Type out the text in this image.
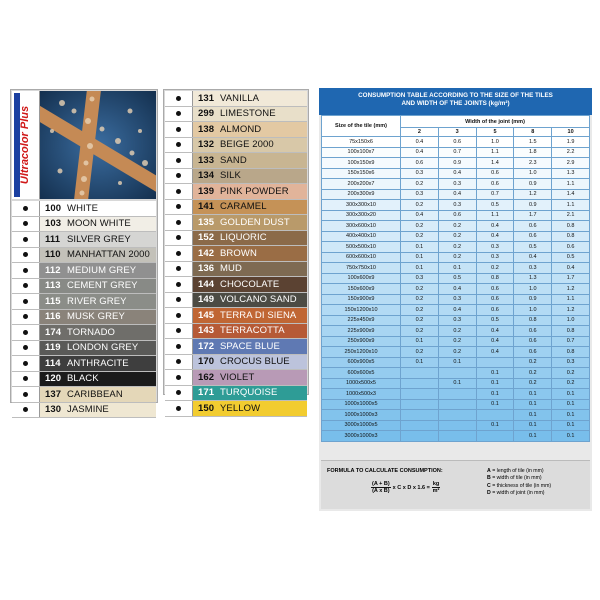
Ultracolor Plus
100 WHITE
103 MOON WHITE
111 SILVER GREY
110 MANHATTAN 2000
112 MEDIUM GREY
113 CEMENT GREY
115 RIVER GREY
116 MUSK GREY
174 TORNADO
119 LONDON GREY
114 ANTHRACITE
120 BLACK
137 CARIBBEAN
130 JASMINE
131 VANILLA
299 LIMESTONE
138 ALMOND
132 BEIGE 2000
133 SAND
134 SILK
139 PINK POWDER
141 CARAMEL
135 GOLDEN DUST
152 LIQUORIC
142 BROWN
136 MUD
144 CHOCOLATE
149 VOLCANO SAND
145 TERRA DI SIENA
143 TERRACOTTA
172 SPACE BLUE
170 CROCUS BLUE
162 VIOLET
171 TURQUOISE
150 YELLOW
CONSUMPTION TABLE ACCORDING TO THE SIZE OF THE TILES
AND WIDTH OF THE JOINTS (kg/m²)
Size of the tile (mm)	Width of the joint (mm)				
	2	3	5	8	10
75x150x6	0.4	0.6	1.0	1.5	1.9
100x100x7	0.4	0.7	1.1	1.8	2.2
100x150x9	0.6	0.9	1.4	2.3	2.9
150x150x6	0.3	0.4	0.6	1.0	1.3
200x200x7	0.2	0.3	0.6	0.9	1.1
200x300x9	0.3	0.4	0.7	1.2	1.4
300x300x10	0.2	0.3	0.5	0.9	1.1
300x300x20	0.4	0.6	1.1	1.7	2.1
300x600x10	0.2	0.2	0.4	0.6	0.8
400x400x10	0.2	0.2	0.4	0.6	0.8
500x500x10	0.1	0.2	0.3	0.5	0.6
600x600x10	0.1	0.2	0.3	0.4	0.5
750x750x10	0.1	0.1	0.2	0.3	0.4
100x600x9	0.3	0.5	0.8	1.3	1.7
150x600x9	0.2	0.4	0.6	1.0	1.2
150x900x9	0.2	0.3	0.6	0.9	1.1
150x1200x10	0.2	0.4	0.6	1.0	1.2
225x450x9	0.2	0.3	0.5	0.8	1.0
225x900x9	0.2	0.2	0.4	0.6	0.8
250x900x9	0.1	0.2	0.4	0.6	0.7
250x1200x10	0.2	0.2	0.4	0.6	0.8
600x900x5	0.1	0.1		0.2	0.3
600x600x5			0.1	0.2	0.2
1000x500x5		0.1	0.1	0.2	0.2
1000x500x3			0.1	0.1	0.1
1000x1000x5			0.1	0.1	0.1
1000x1000x3				0.1	0.1
3000x1000x5			0.1	0.1	0.1
3000x1000x3				0.1	0.1
FORMULA TO CALCULATE CONSUMPTION:
$\frac{(A + B)}{\text{(A x B)}}$ x C x D x $1.6 = \frac{kg}{\text{m²}}$
A = length of tile (in mm)
B = width of tile (in mm)
C = thickness of tile (in mm)
D = width of joint (in mm)
